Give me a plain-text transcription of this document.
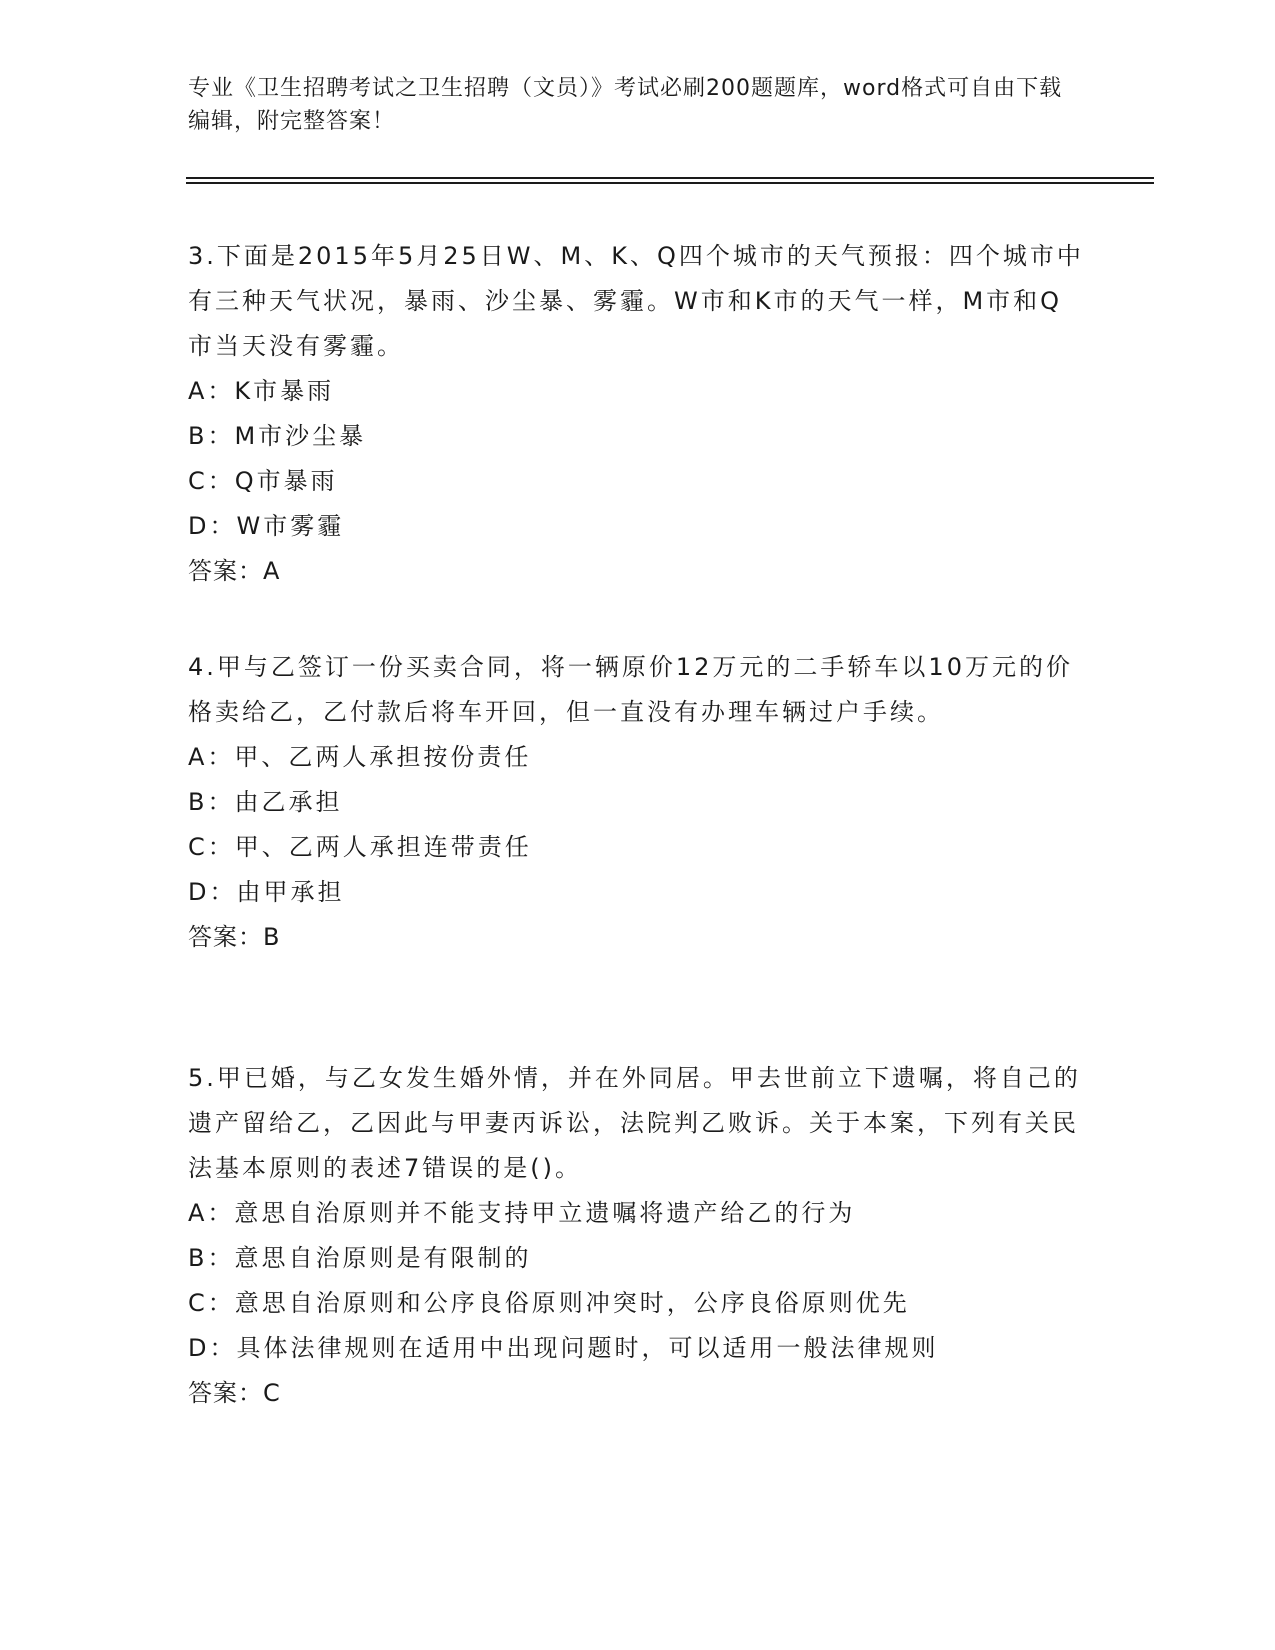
专业《卫生招聘考试之卫生招聘（文员）》考试必刷200题题库，word格式可自由下载编辑，附完整答案！
3.下面是2015年5月25日W、M、K、Q四个城市的天气预报：四个城市中有三种天气状况，暴雨、沙尘暴、雾霾。W市和K市的天气一样，M市和Q市当天没有雾霾。
A：K市暴雨
B：M市沙尘暴
C：Q市暴雨
D：W市雾霾
答案：A
4.甲与乙签订一份买卖合同，将一辆原价12万元的二手轿车以10万元的价格卖给乙，乙付款后将车开回，但一直没有办理车辆过户手续。
A：甲、乙两人承担按份责任
B：由乙承担
C：甲、乙两人承担连带责任
D：由甲承担
答案：B
5.甲已婚，与乙女发生婚外情，并在外同居。甲去世前立下遗嘱，将自己的遗产留给乙，乙因此与甲妻丙诉讼，法院判乙败诉。关于本案，下列有关民法基本原则的表述7错误的是()。
A：意思自治原则并不能支持甲立遗嘱将遗产给乙的行为
B：意思自治原则是有限制的
C：意思自治原则和公序良俗原则冲突时，公序良俗原则优先
D：具体法律规则在适用中出现问题时，可以适用一般法律规则
答案：C
